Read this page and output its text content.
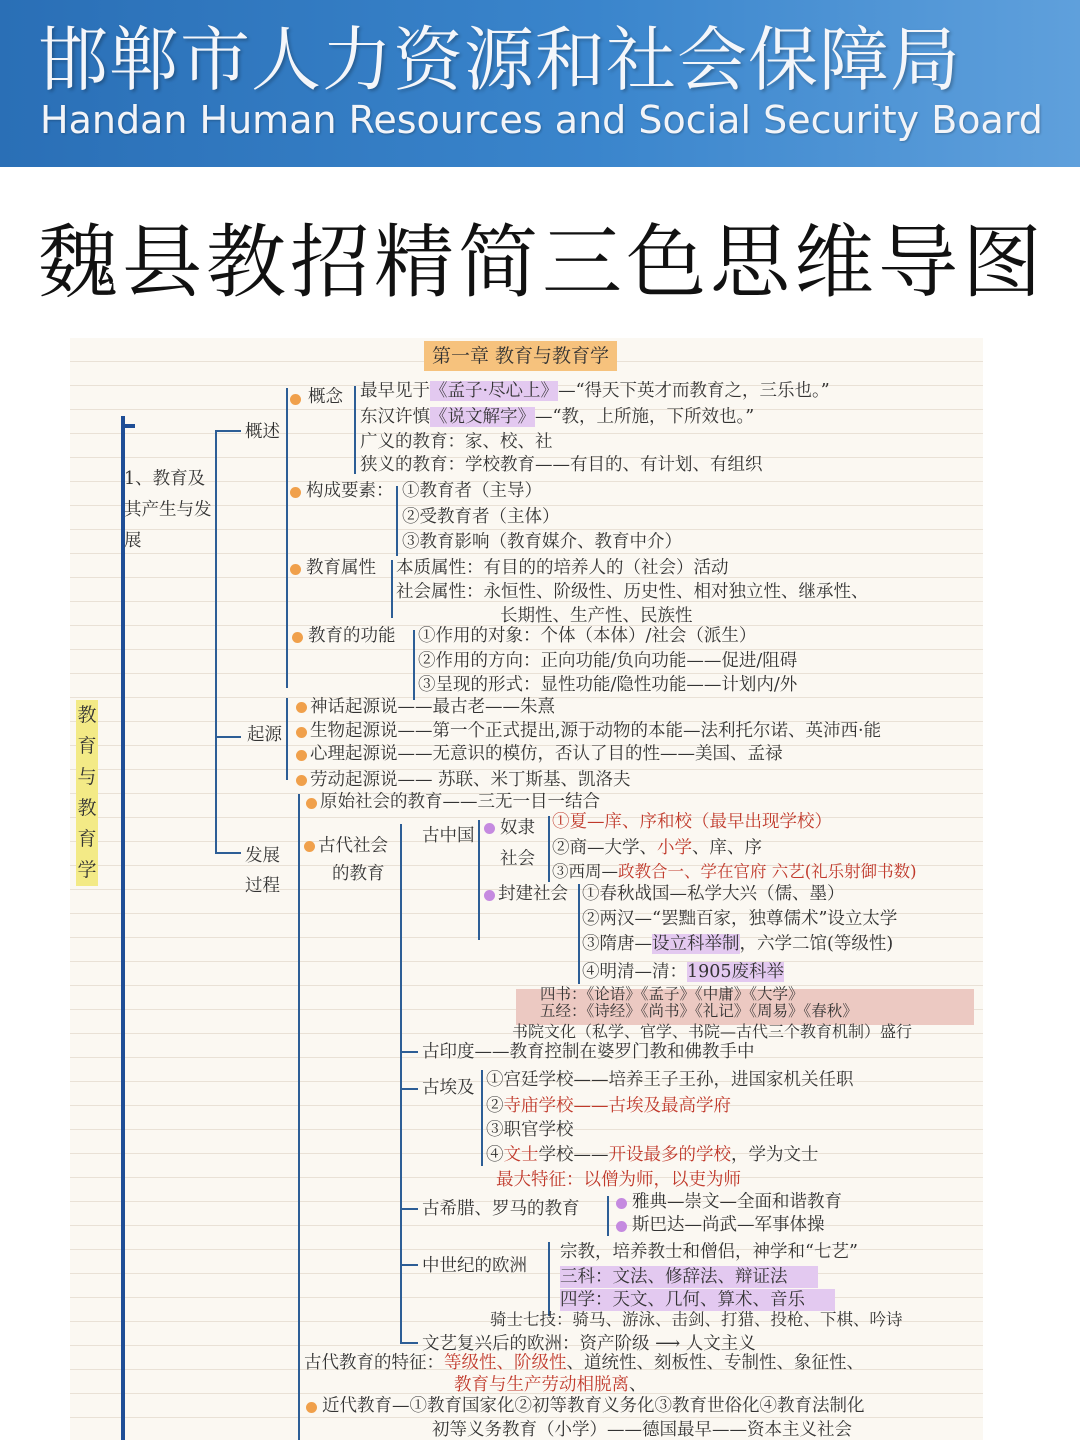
邯郸市人力资源和社会保障局
Handan Human Resources and Social Security Board
魏县教招精简三色思维导图
第一章 教育与教育学
教育与教育学
1、教育及其产生与发展
概述
起源
发展过程
概念 最早见于《孟子·尽心上》—“得天下英才而教育之，三乐也。”
东汉许慎《说文解字》—“教，上所施，下所效也。”
广义的教育：家、校、社
狭义的教育：学校教育——有目的、有计划、有组织
构成要素： ①教育者（主导）
②受教育者（主体）
③教育影响（教育媒介、教育中介）
教育属性 本质属性：有目的的培养人的（社会）活动
社会属性：永恒性、阶级性、历史性、相对独立性、继承性、
长期性、生产性、民族性
教育的功能 ①作用的对象：个体（本体）/社会（派生）
②作用的方向：正向功能/负向功能——促进/阻碍
③呈现的形式：显性功能/隐性功能——计划内/外
神话起源说——最古老——朱熹
生物起源说——第一个正式提出,源于动物的本能—法利托尔诺、英沛西·能
心理起源说——无意识的模仿，否认了目的性——美国、孟禄
劳动起源说—— 苏联、米丁斯基、凯洛夫
原始社会的教育——三无一目一结合
古代社会
的教育
古中国 奴隶
社会
①夏—庠、序和校（最早出现学校）
②商—大学、小学、庠、序
③西周—政教合一、学在官府 六艺(礼乐射御书数)
封建社会 ①春秋战国—私学大兴（儒、墨）
②两汉—“罢黜百家，独尊儒术”设立太学
③隋唐—设立科举制，六学二馆(等级性)
④明清—清：1905废科举
四书：《论语》《孟子》《中庸》《大学》
五经：《诗经》《尚书》《礼记》《周易》《春秋》
书院文化（私学、官学、书院—古代三个教育机制）盛行
古印度——教育控制在婆罗门教和佛教手中
古埃及 ①宫廷学校——培养王子王孙，进国家机关任职
②寺庙学校——古埃及最高学府
③职官学校
④文士学校——开设最多的学校，学为文士
最大特征：以僧为师，以吏为师
古希腊、罗马的教育	雅典—崇文—全面和谐教育
斯巴达—尚武—军事体操
中世纪的欧洲
宗教，培养教士和僧侣，神学和“七艺”
三科：文法、修辞法、辩证法
四学：天文、几何、算术、音乐
骑士七技：骑马、游泳、击剑、打猎、投枪、下棋、吟诗
文艺复兴后的欧洲：资产阶级 ⟶ 人文主义
古代教育的特征：等级性、阶级性、道统性、刻板性、专制性、象征性、
教育与生产劳动相脱离、
近代教育—①教育国家化②初等教育义务化③教育世俗化④教育法制化
初等义务教育（小学）——德国最早——资本主义社会
